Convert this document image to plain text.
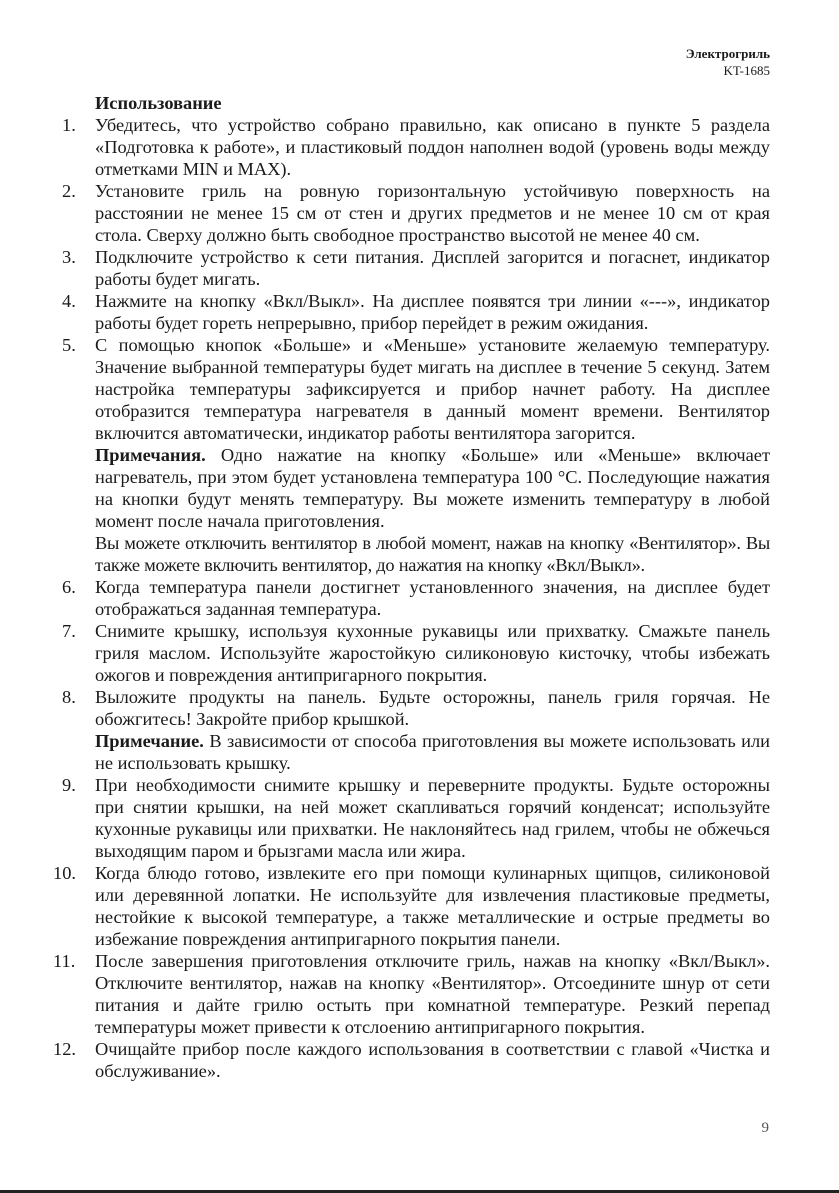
Электрогриль
KT-1685
Использование
1.	Убедитесь, что устройство собрано правильно, как описано в пункте 5 раздела «Подготовка к работе», и пластиковый поддон наполнен водой (уровень воды между отметками MIN и MAX).

2.	Установите гриль на ровную горизонтальную устойчивую поверхность на расстоянии не менее 15 см от стен и других предметов и не менее 10 см от края стола. Сверху должно быть свободное пространство высотой не менее 40 см.

3.	Подключите устройство к сети питания. Дисплей загорится и погаснет, индикатор работы будет мигать.

4.	Нажмите на кнопку «Вкл/Выкл». На дисплее появятся три линии «---», индикатор работы будет гореть непрерывно, прибор перейдет в режим ожидания.

5.	С помощью кнопок «Больше» и «Меньше» установите желаемую температуру. Значение выбранной температуры будет мигать на дисплее в течение 5 секунд. Затем настройка температуры зафиксируется и прибор начнет работу. На дисплее отобразится температура нагревателя в данный момент времени. Вентилятор включится автоматически, индикатор работы вентилятора загорится.

Примечания. Одно нажатие на кнопку «Больше» или «Меньше» включает нагреватель, при этом будет установлена температура 100 °C. Последующие нажатия на кнопки будут менять температуру. Вы можете изменить температуру в любой момент после начала приготовления.

Вы можете отключить вентилятор в любой момент, нажав на кнопку «Вентилятор». Вы также можете включить вентилятор, до нажатия на кнопку «Вкл/Выкл».

6.	Когда температура панели достигнет установленного значения, на дисплее будет отображаться заданная температура.

7.	Снимите крышку, используя кухонные рукавицы или прихватку. Смажьте панель гриля маслом. Используйте жаростойкую силиконовую кисточку, чтобы избежать ожогов и повреждения антипригарного покрытия.

8.	Выложите продукты на панель. Будьте осторожны, панель гриля горячая. Не обожгитесь! Закройте прибор крышкой.

Примечание. В зависимости от способа приготовления вы можете использовать или не использовать крышку.

9.	При необходимости снимите крышку и переверните продукты. Будьте осторожны при снятии крышки, на ней может скапливаться горячий конденсат; используйте кухонные рукавицы или прихватки. Не наклоняйтесь над грилем, чтобы не обжечься выходящим паром и брызгами масла или жира.

10.	Когда блюдо готово, извлеките его при помощи кулинарных щипцов, силиконовой или деревянной лопатки. Не используйте для извлечения пластиковые предметы, нестойкие к высокой температуре, а также металлические и острые предметы во избежание повреждения антипригарного покрытия панели.

11.	После завершения приготовления отключите гриль, нажав на кнопку «Вкл/Выкл». Отключите вентилятор, нажав на кнопку «Вентилятор». Отсоедините шнур от сети питания и дайте грилю остыть при комнатной температуре. Резкий перепад температуры может привести к отслоению антипригарного покрытия.

12.	Очищайте прибор после каждого использования в соответствии с главой «Чистка и обслуживание».

9
